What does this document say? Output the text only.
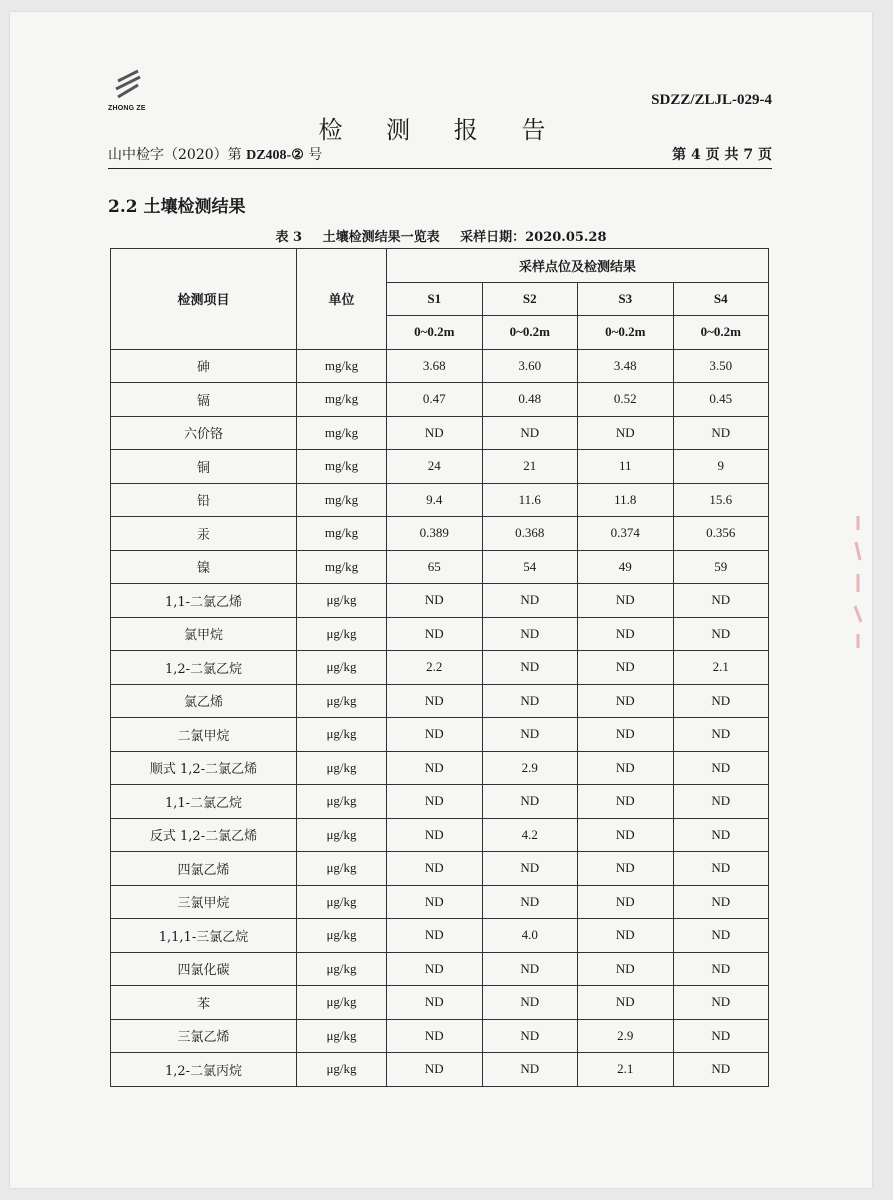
ZHONG ZE
SDZZ/ZLJL-029-4
检 测 报 告
山中检字（2020）第 DZ408-② 号	第 4 页 共 7 页
2.2 土壤检测结果
表 3 土壤检测结果一览表 采样日期：2020.05.28
检测项目	单位	采样点位及检测结果			
		S1	S2	S3	S4
		0~0.2m	0~0.2m	0~0.2m	0~0.2m
砷	mg/kg	3.68	3.60	3.48	3.50
镉	mg/kg	0.47	0.48	0.52	0.45
六价铬	mg/kg	ND	ND	ND	ND
铜	mg/kg	24	21	11	9
铅	mg/kg	9.4	11.6	11.8	15.6
汞	mg/kg	0.389	0.368	0.374	0.356
镍	mg/kg	65	54	49	59
1,1-二氯乙烯	μg/kg	ND	ND	ND	ND
氯甲烷	μg/kg	ND	ND	ND	ND
1,2-二氯乙烷	μg/kg	2.2	ND	ND	2.1
氯乙烯	μg/kg	ND	ND	ND	ND
二氯甲烷	μg/kg	ND	ND	ND	ND
顺式 1,2-二氯乙烯	μg/kg	ND	2.9	ND	ND
1,1-二氯乙烷	μg/kg	ND	ND	ND	ND
反式 1,2-二氯乙烯	μg/kg	ND	4.2	ND	ND
四氯乙烯	μg/kg	ND	ND	ND	ND
三氯甲烷	μg/kg	ND	ND	ND	ND
1,1,1-三氯乙烷	μg/kg	ND	4.0	ND	ND
四氯化碳	μg/kg	ND	ND	ND	ND
苯	μg/kg	ND	ND	ND	ND
三氯乙烯	μg/kg	ND	ND	2.9	ND
1,2-二氯丙烷	μg/kg	ND	ND	2.1	ND
